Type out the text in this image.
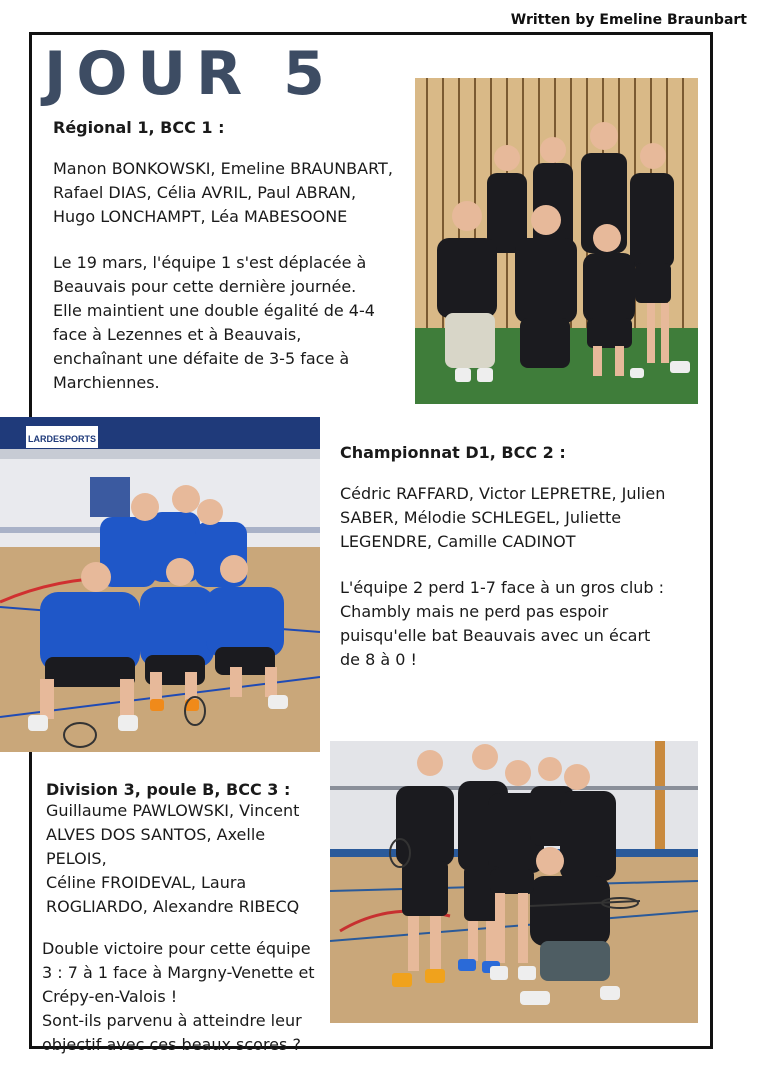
Written by Emeline Braunbart
JOUR 5
Régional 1, BCC 1 :
Manon BONKOWSKI, Emeline BRAUNBART,
Rafael DIAS, Célia AVRIL, Paul ABRAN,
Hugo LONCHAMPT, Léa MABESOONE
Le 19 mars, l'équipe 1 s'est déplacée à
Beauvais pour cette dernière journée.
Elle maintient une double égalité de 4-4
face à Lezennes et à Beauvais,
enchaînant une défaite de 3-5 face à
Marchiennes.
LARDESPORTS
Championnat D1, BCC 2 :
Cédric RAFFARD, Victor LEPRETRE, Julien
SABER, Mélodie SCHLEGEL, Juliette
LEGENDRE, Camille CADINOT
L'équipe 2 perd 1-7 face à un gros club :
Chambly mais ne perd pas espoir
puisqu'elle bat Beauvais avec un écart
de 8 à 0 !
Division 3, poule B, BCC 3 :
Guillaume PAWLOWSKI, Vincent
ALVES DOS SANTOS, Axelle PELOIS,
Céline FROIDEVAL, Laura
ROGLIARDO, Alexandre RIBECQ
Double victoire pour cette équipe
3 : 7 à 1 face à Margny-Venette et
Crépy-en-Valois !
Sont-ils parvenu à atteindre leur
objectif avec ces beaux scores ?
